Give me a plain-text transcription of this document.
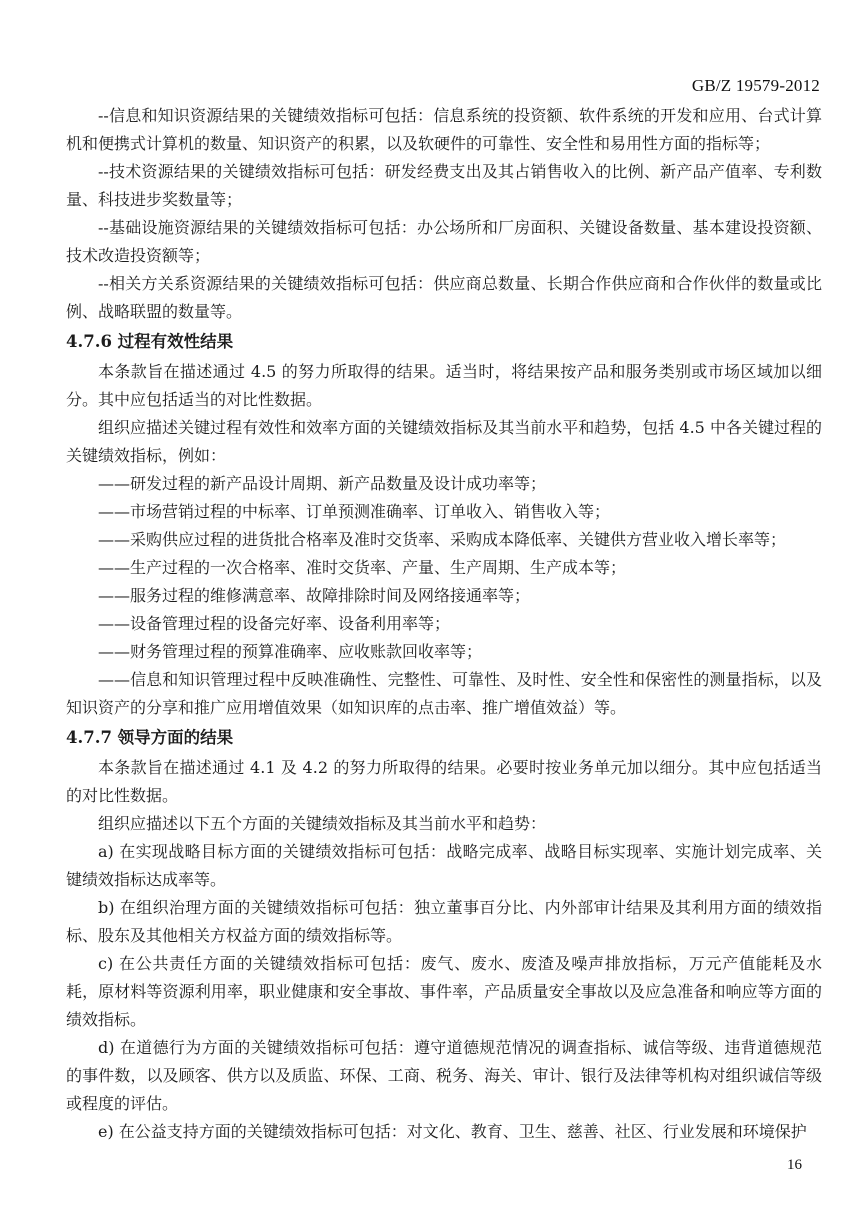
GB/Z 19579-2012

--信息和知识资源结果的关键绩效指标可包括：信息系统的投资额、软件系统的开发和应用、台式计算机和便携式计算机的数量、知识资产的积累，以及软硬件的可靠性、安全性和易用性方面的指标等；

--技术资源结果的关键绩效指标可包括：研发经费支出及其占销售收入的比例、新产品产值率、专利数量、科技进步奖数量等；

--基础设施资源结果的关键绩效指标可包括：办公场所和厂房面积、关键设备数量、基本建设投资额、技术改造投资额等；

--相关方关系资源结果的关键绩效指标可包括：供应商总数量、长期合作供应商和合作伙伴的数量或比例、战略联盟的数量等。

4.7.6 过程有效性结果

本条款旨在描述通过 4.5 的努力所取得的结果。适当时，将结果按产品和服务类别或市场区域加以细分。其中应包括适当的对比性数据。

组织应描述关键过程有效性和效率方面的关键绩效指标及其当前水平和趋势，包括 4.5 中各关键过程的关键绩效指标，例如：

——研发过程的新产品设计周期、新产品数量及设计成功率等；

——市场营销过程的中标率、订单预测准确率、订单收入、销售收入等；

——采购供应过程的进货批合格率及准时交货率、采购成本降低率、关键供方营业收入增长率等；

——生产过程的一次合格率、准时交货率、产量、生产周期、生产成本等；

——服务过程的维修满意率、故障排除时间及网络接通率等；

——设备管理过程的设备完好率、设备利用率等；

——财务管理过程的预算准确率、应收账款回收率等；

——信息和知识管理过程中反映准确性、完整性、可靠性、及时性、安全性和保密性的测量指标，以及知识资产的分享和推广应用增值效果（如知识库的点击率、推广增值效益）等。

4.7.7 领导方面的结果

本条款旨在描述通过 4.1 及 4.2 的努力所取得的结果。必要时按业务单元加以细分。其中应包括适当的对比性数据。

组织应描述以下五个方面的关键绩效指标及其当前水平和趋势：

a) 在实现战略目标方面的关键绩效指标可包括：战略完成率、战略目标实现率、实施计划完成率、关键绩效指标达成率等。

b) 在组织治理方面的关键绩效指标可包括：独立董事百分比、内外部审计结果及其利用方面的绩效指标、股东及其他相关方权益方面的绩效指标等。

c) 在公共责任方面的关键绩效指标可包括：废气、废水、废渣及噪声排放指标，万元产值能耗及水耗，原材料等资源利用率，职业健康和安全事故、事件率，产品质量安全事故以及应急准备和响应等方面的绩效指标。

d) 在道德行为方面的关键绩效指标可包括：遵守道德规范情况的调查指标、诚信等级、违背道德规范的事件数，以及顾客、供方以及质监、环保、工商、税务、海关、审计、银行及法律等机构对组织诚信等级或程度的评估。

e) 在公益支持方面的关键绩效指标可包括：对文化、教育、卫生、慈善、社区、行业发展和环境保护

16
